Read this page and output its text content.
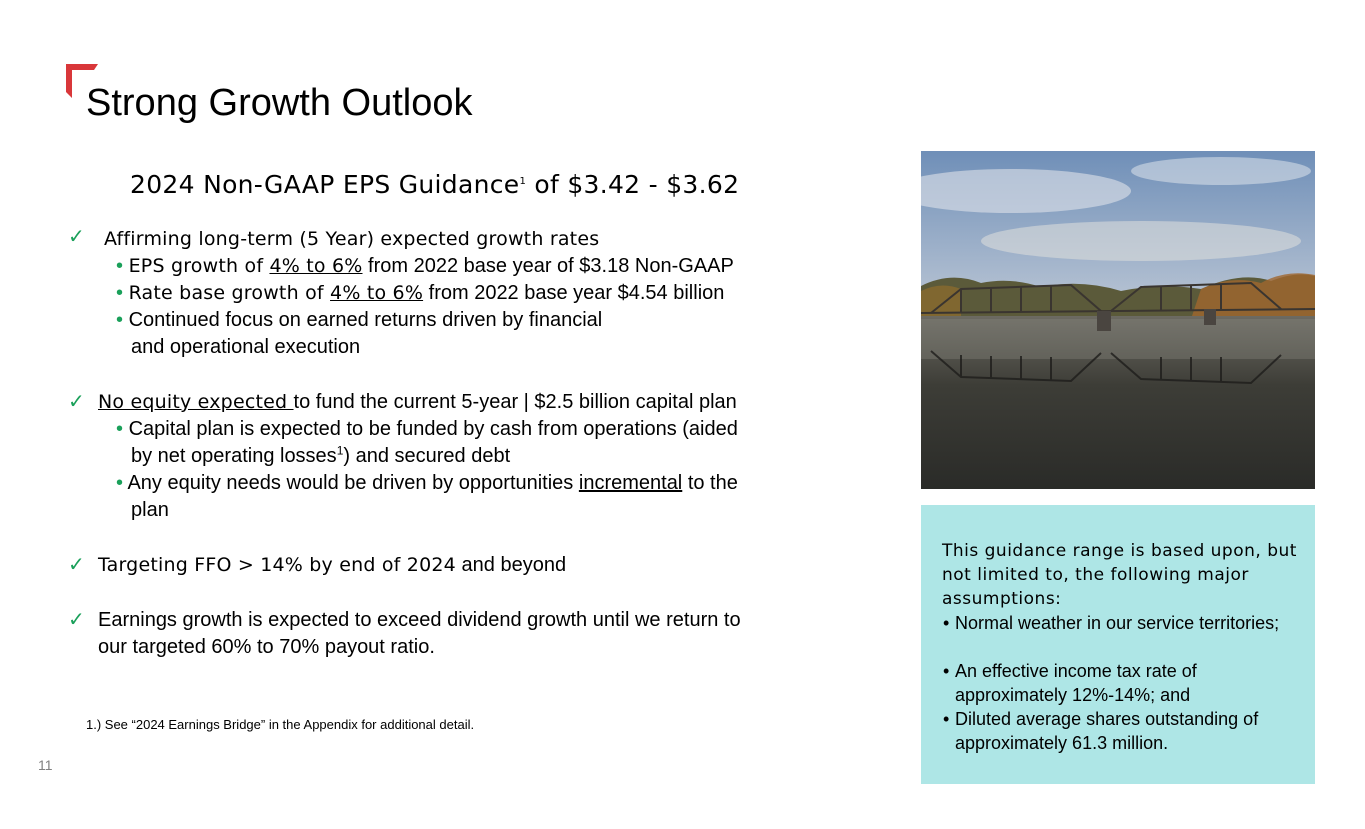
Strong Growth Outlook
2024 Non-GAAP EPS Guidance$^1$ of $3.42 - $3.62
✓ Affirming long-term (5 Year) expected growth rates
• EPS growth of 4% to 6% from 2022 base year of $3.18 Non-GAAP
• Rate base growth of 4% to 6% from 2022 base year $4.54 billion
• Continued focus on earned returns driven by financial
and operational execution
✓ No equity expected to fund the current 5-year | $2.5 billion capital plan
• Capital plan is expected to be funded by cash from operations (aided
by net operating losses$^1$) and secured debt
• Any equity needs would be driven by opportunities incremental to the
plan
✓ Targeting FFO > 14% by end of 2024 and beyond
✓ Earnings growth is expected to exceed dividend growth until we return to
our targeted 60% to 70% payout ratio.
1.) See “2024 Earnings Bridge” in the Appendix for additional detail.
11
This guidance range is based upon, but not limited to, the following major assumptions:
• Normal weather in our service territories;
• An effective income tax rate of approximately 12%-14%; and
• Diluted average shares outstanding of approximately 61.3 million.
